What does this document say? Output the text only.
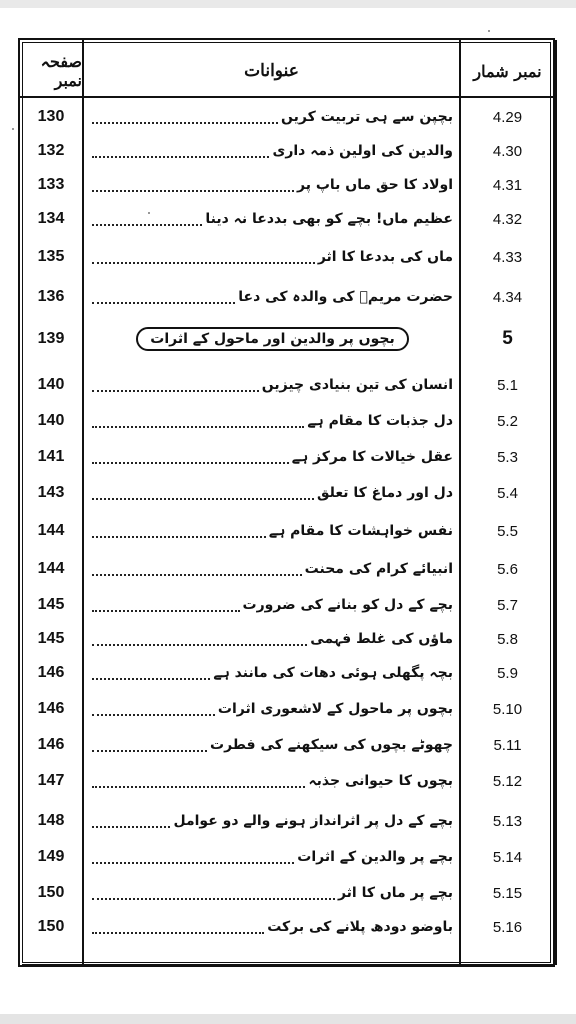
صفحہ نمبر	عنوانات	نمبر شمار
130	بچپن سے ہی تربیت کریں	4.29
132	والدین کی اولین ذمہ داری	4.30
133	اولاد کا حق ماں باپ پر	4.31
134	عظیم ماں! بچے کو بھی بددعا نہ دینا	4.32
135	ماں کی بددعا کا اثر	4.33
136	حضرت مریمؑ کی والدہ کی دعا	4.34
139	بچوں پر والدین اور ماحول کے اثرات	5
140	انسان کی تین بنیادی چیزیں	5.1
140	دل جذبات کا مقام ہے	5.2
141	عقل خیالات کا مرکز ہے	5.3
143	دل اور دماغ کا تعلق	5.4
144	نفس خواہشات کا مقام ہے	5.5
144	انبیائے کرام کی محنت	5.6
145	بچے کے دل کو بنانے کی ضرورت	5.7
145	ماؤں کی غلط فہمی	5.8
146	بچہ پگھلی ہوئی دھات کی مانند ہے	5.9
146	بچوں پر ماحول کے لاشعوری اثرات	5.10
146	چھوٹے بچوں کی سیکھنے کی فطرت	5.11
147	بچوں کا حیوانی جذبہ	5.12
148	بچے کے دل پر اثرانداز ہونے والے دو عوامل	5.13
149	بچے پر والدین کے اثرات	5.14
150	بچے پر ماں کا اثر	5.15
150	باوضو دودھ پلانے کی برکت	5.16
